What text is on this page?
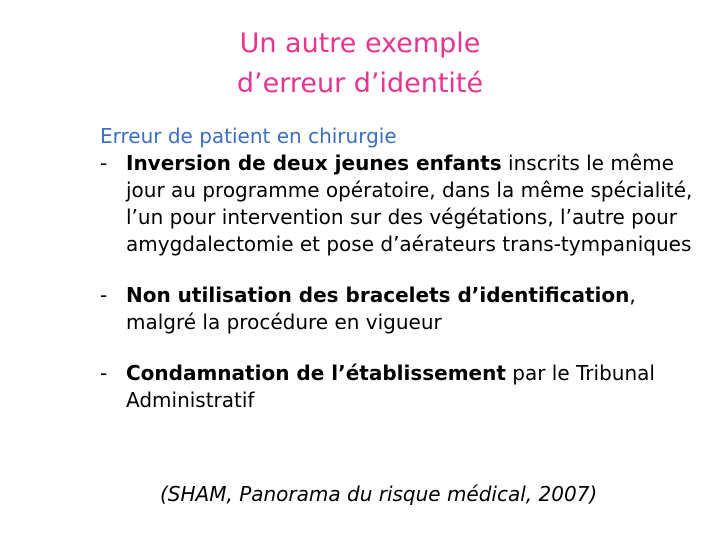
Un autre exemple
d’erreur d’identité

Erreur de patient en chirurgie

- Inversion de deux jeunes enfants inscrits le même jour au programme opératoire, dans la même spécialité, l’un pour intervention sur des végétations, l’autre pour amygdalectomie et pose d’aérateurs trans-tympaniques
- Non utilisation des bracelets d’identification, malgré la procédure en vigueur
- Condamnation de l’établissement par le Tribunal Administratif
(SHAM, Panorama du risque médical, 2007)
